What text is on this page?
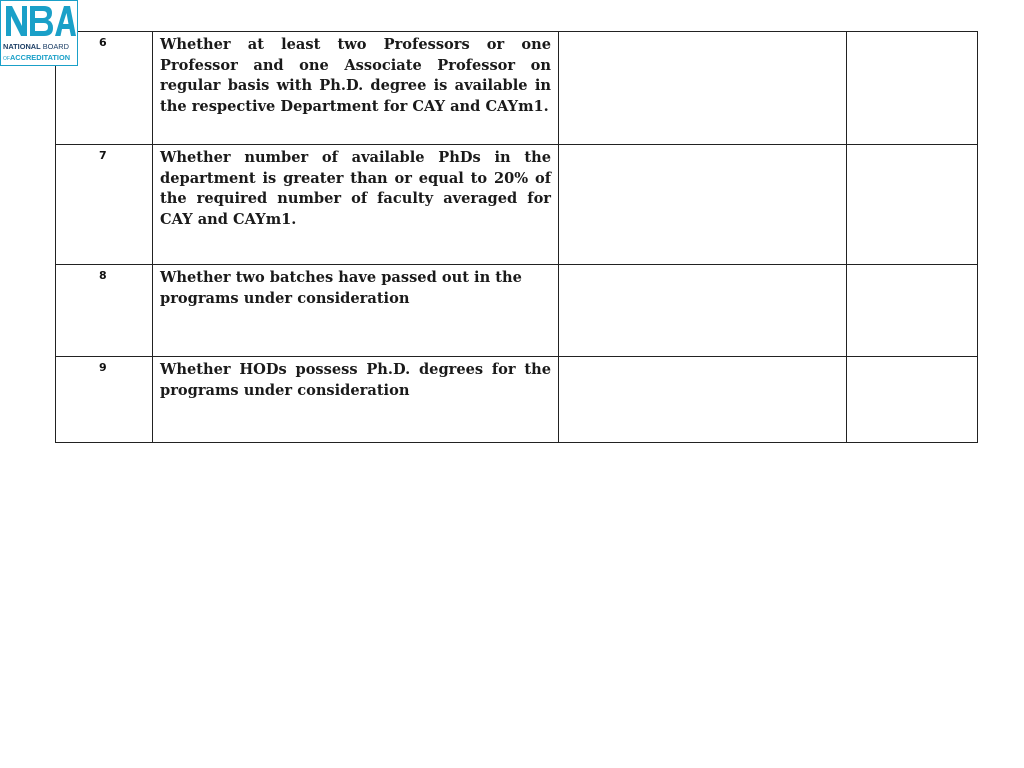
NATIONAL BOARD
OFACCREDITATION
6	Whether at least two Professors or one Professor and one Associate Professor on regular basis with Ph.D. degree is available in the respective Department for CAY and CAYm1.		
7	Whether number of available PhDs in the department is greater than or equal to 20% of the required number of faculty averaged for CAY and CAYm1.		
8	Whether two batches have passed out in the programs under consideration		
9	Whether HODs possess Ph.D. degrees for the programs under consideration		
